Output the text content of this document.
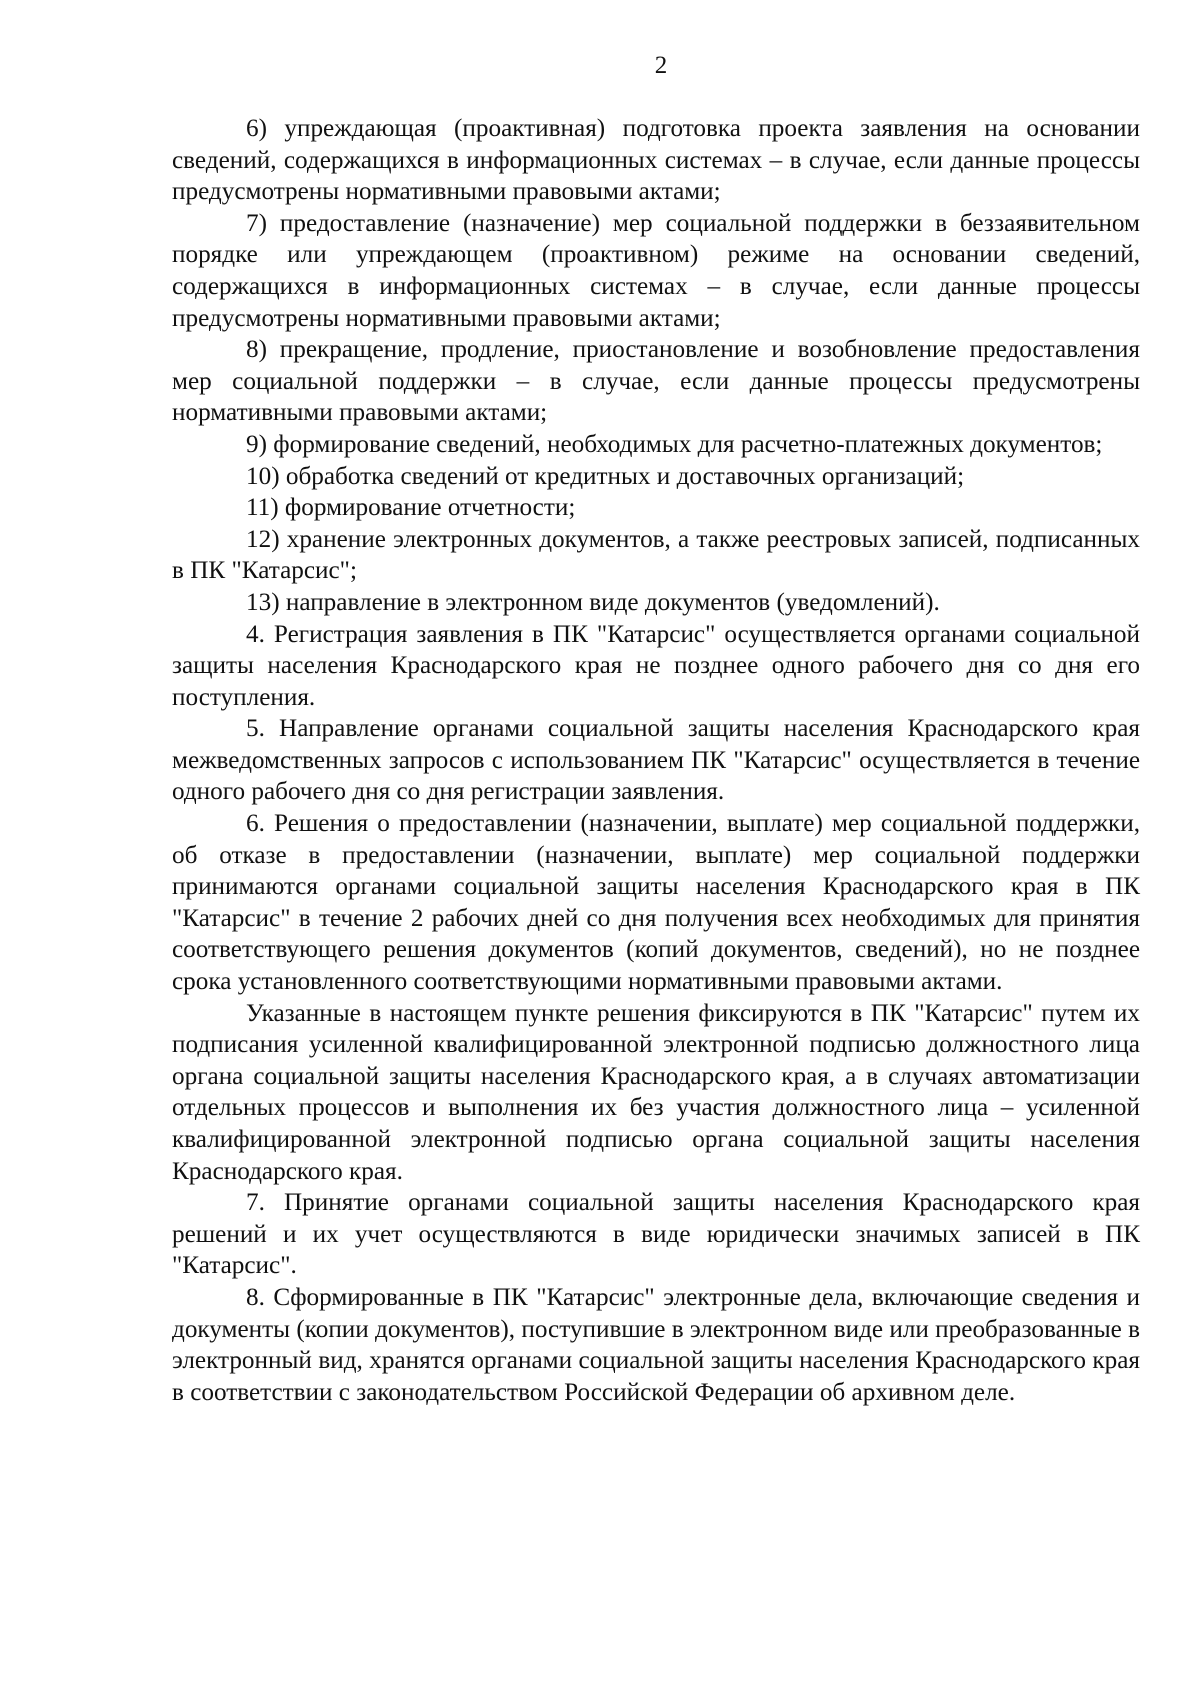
2

6) упреждающая (проактивная) подготовка проекта заявления на основании сведений, содержащихся в информационных системах – в случае, если данные процессы предусмотрены нормативными правовыми актами;

7) предоставление (назначение) мер социальной поддержки в беззаявительном порядке или упреждающем (проактивном) режиме на основании сведений, содержащихся в информационных системах – в случае, если данные процессы предусмотрены нормативными правовыми актами;

8) прекращение, продление, приостановление и возобновление предоставления мер социальной поддержки – в случае, если данные процессы предусмотрены нормативными правовыми актами;

9) формирование сведений, необходимых для расчетно-платежных документов;

10) обработка сведений от кредитных и доставочных организаций;

11) формирование отчетности;

12) хранение электронных документов, а также реестровых записей, подписанных в ПК "Катарсис";

13) направление в электронном виде документов (уведомлений).

4. Регистрация заявления в ПК "Катарсис" осуществляется органами социальной защиты населения Краснодарского края не позднее одного рабочего дня со дня его поступления.

5. Направление органами социальной защиты населения Краснодарского края межведомственных запросов с использованием ПК "Катарсис" осуществляется в течение одного рабочего дня со дня регистрации заявления.

6. Решения о предоставлении (назначении, выплате) мер социальной поддержки, об отказе в предоставлении (назначении, выплате) мер социальной поддержки принимаются органами социальной защиты населения Краснодарского края в ПК "Катарсис" в течение 2 рабочих дней со дня получения всех необходимых для принятия соответствующего решения документов (копий документов, сведений), но не позднее срока установленного соответствующими нормативными правовыми актами.

Указанные в настоящем пункте решения фиксируются в ПК "Катарсис" путем их подписания усиленной квалифицированной электронной подписью должностного лица органа социальной защиты населения Краснодарского края, а в случаях автоматизации отдельных процессов и выполнения их без участия должностного лица – усиленной квалифицированной электронной подписью органа социальной защиты населения Краснодарского края.

7. Принятие органами социальной защиты населения Краснодарского края решений и их учет осуществляются в виде юридически значимых записей в ПК "Катарсис".

8. Сформированные в ПК "Катарсис" электронные дела, включающие сведения и документы (копии документов), поступившие в электронном виде или преобразованные в электронный вид, хранятся органами социальной защиты населения Краснодарского края в соответствии с законодательством Российской Федерации об архивном деле.
